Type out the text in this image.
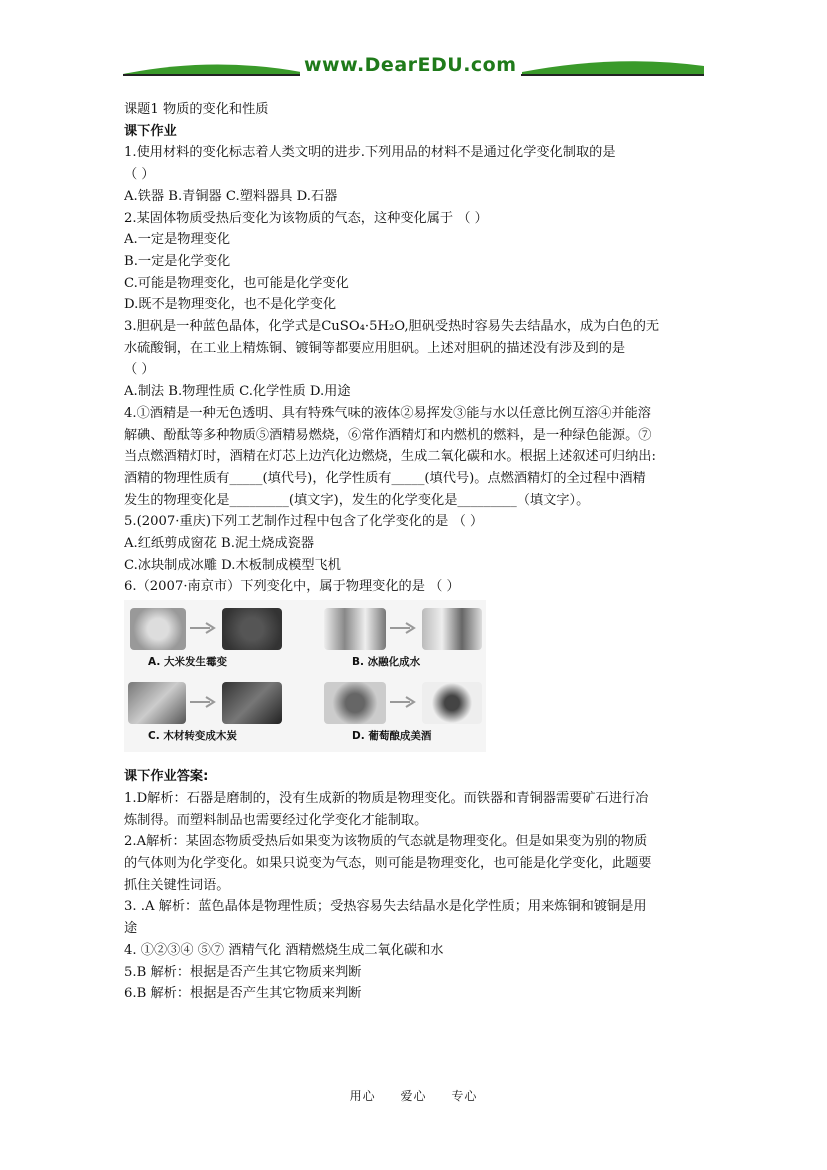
www.DearEDU.com
课题1 物质的变化和性质
课下作业
1.使用材料的变化标志着人类文明的进步.下列用品的材料不是通过化学变化制取的是
（ ）
A.铁器 B.青铜器 C.塑料器具 D.石器
2.某固体物质受热后变化为该物质的气态，这种变化属于 （ ）
A.一定是物理变化
B.一定是化学变化
C.可能是物理变化，也可能是化学变化
D.既不是物理变化，也不是化学变化
3.胆矾是一种蓝色晶体，化学式是CuSO₄·5H₂O,胆矾受热时容易失去结晶水，成为白色的无
水硫酸铜，在工业上精炼铜、镀铜等都要应用胆矾。上述对胆矾的描述没有涉及到的是
（ ）
A.制法 B.物理性质 C.化学性质 D.用途
4.①酒精是一种无色透明、具有特殊气味的液体②易挥发③能与水以任意比例互溶④并能溶
解碘、酚酞等多种物质⑤酒精易燃烧，⑥常作酒精灯和内燃机的燃料，是一种绿色能源。⑦
当点燃酒精灯时，酒精在灯芯上边汽化边燃烧，生成二氧化碳和水。根据上述叙述可归纳出:
酒精的物理性质有_____(填代号)，化学性质有_____(填代号)。点燃酒精灯的全过程中酒精
发生的物理变化是_________(填文字)，发生的化学变化是_________（填文字）。
5.(2007·重庆)下列工艺制作过程中包含了化学变化的是 （ ）
A.红纸剪成窗花 B.泥土烧成瓷器
C.冰块制成冰雕 D.木板制成模型飞机
6.（2007·南京市）下列变化中，属于物理变化的是 （ ）
A. 大米发生霉变	B. 冰融化成水
C. 木材转变成木炭	D. 葡萄酿成美酒
课下作业答案:
1.D解析：石器是磨制的，没有生成新的物质是物理变化。而铁器和青铜器需要矿石进行冶
炼制得。而塑料制品也需要经过化学变化才能制取。
2.A解析：某固态物质受热后如果变为该物质的气态就是物理变化。但是如果变为别的物质
的气体则为化学变化。如果只说变为气态，则可能是物理变化，也可能是化学变化，此题要
抓住关键性词语。
3. .A 解析：蓝色晶体是物理性质；受热容易失去结晶水是化学性质；用来炼铜和镀铜是用
途
4. ①②③④ ⑤⑦ 酒精气化 酒精燃烧生成二氧化碳和水
5.B 解析：根据是否产生其它物质来判断
6.B 解析：根据是否产生其它物质来判断
用心 爱心 专心
